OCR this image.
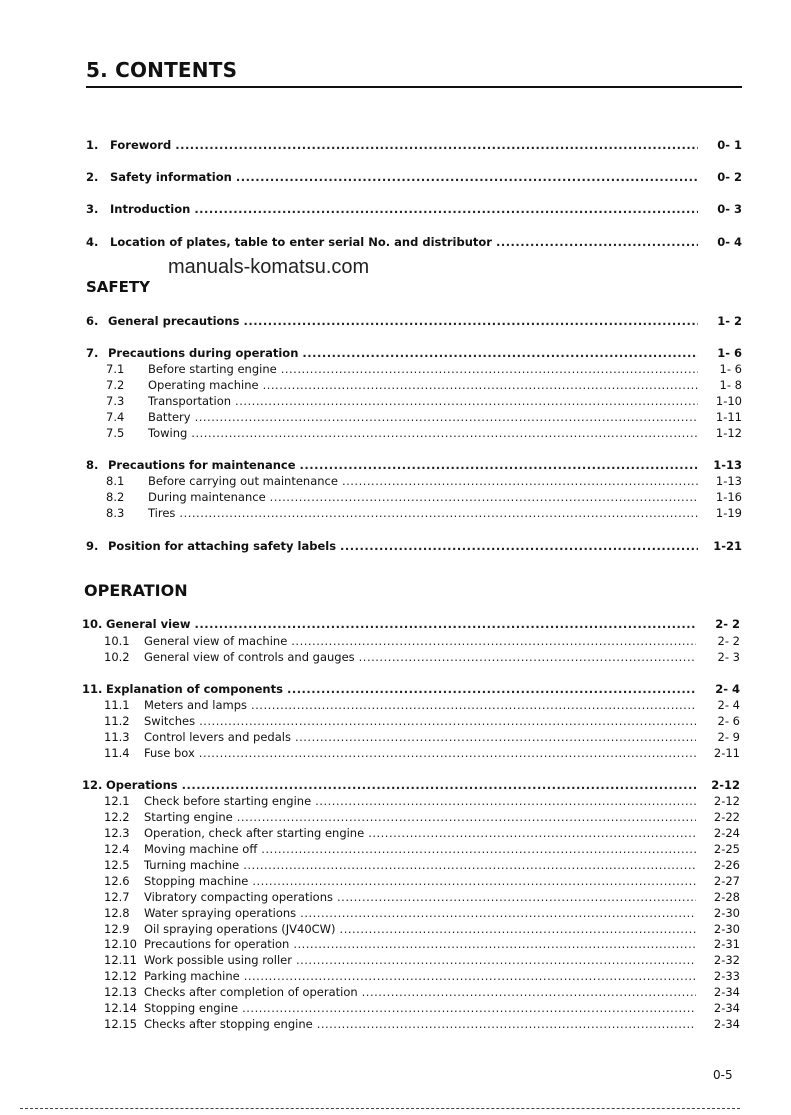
5. CONTENTS
1.	Foreword .....	0- 1
2.	Safety information .....	0- 2
3.	Introduction .....	0- 3
4.	Location of plates, table to enter serial No. and distributor .....	0- 4
manuals-komatsu.com
SAFETY
6. General precautions .....	1- 2
7. Precautions during operation .....	1- 6
7.1	Before starting engine .....	1- 6
7.2	Operating machine .....	1- 8
7.3	Transportation .....	1-10
7.4	Battery .....	1-11
7.5	Towing .....	1-12
8. Precautions for maintenance .....	1-13
8.1	Before carrying out maintenance .....	1-13
8.2	During maintenance .....	1-16
8.3	Tires .....	1-19
9. Position for attaching safety labels .....	1-21
OPERATION
10. General view .....	2- 2
10.1	General view of machine .....	2- 2
10.2	General view of controls and gauges .....	2- 3
11. Explanation of components .....	2- 4
11.1	Meters and lamps .....	2- 4
11.2	Switches .....	2- 6
11.3	Control levers and pedals .....	2- 9
11.4	Fuse box .....	2-11
12. Operations .....	2-12
12.1	Check before starting engine .....	2-12
12.2	Starting engine .....	2-22
12.3	Operation, check after starting engine .....	2-24
12.4	Moving machine off .....	2-25
12.5	Turning machine .....	2-26
12.6	Stopping machine .....	2-27
12.7	Vibratory compacting operations .....	2-28
12.8	Water spraying operations .....	2-30
12.9	Oil spraying operations (JV40CW) .....	2-30
12.10 Precautions for operation .....	2-31
12.11 Work possible using roller .....	2-32
12.12 Parking machine .....	2-33
12.13 Checks after completion of operation .....	2-34
12.14 Stopping engine .....	2-34
12.15 Checks after stopping engine .....	2-34
0-5
